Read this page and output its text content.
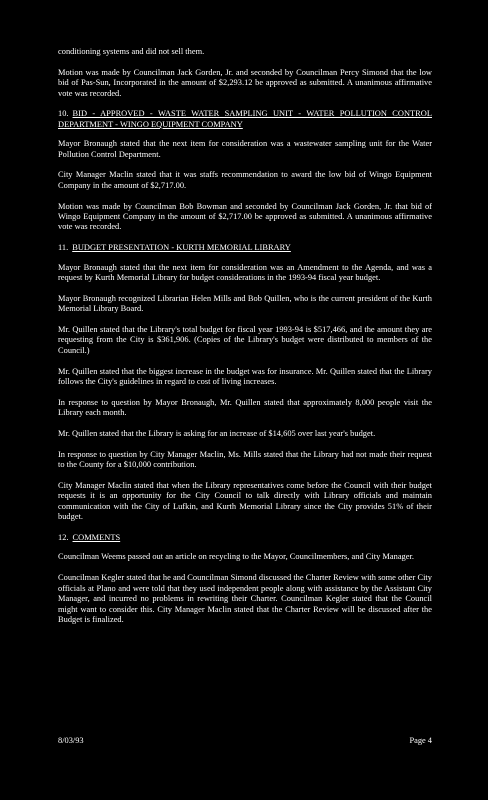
conditioning systems and did not sell them.

Motion was made by Councilman Jack Gorden, Jr. and seconded by Councilman Percy Simond that the low bid of Pas-Sun, Incorporated in the amount of $2,293.12 be approved as submitted. A unanimous affirmative vote was recorded.

10. BID - APPROVED - WASTE WATER SAMPLING UNIT - WATER POLLUTION CONTROL DEPARTMENT - WINGO EQUIPMENT COMPANY

Mayor Bronaugh stated that the next item for consideration was a wastewater sampling unit for the Water Pollution Control Department.

City Manager Maclin stated that it was staffs recommendation to award the low bid of Wingo Equipment Company in the amount of $2,717.00.

Motion was made by Councilman Bob Bowman and seconded by Councilman Jack Gorden, Jr. that bid of Wingo Equipment Company in the amount of $2,717.00 be approved as submitted. A unanimous affirmative vote was recorded.

11. BUDGET PRESENTATION - KURTH MEMORIAL LIBRARY

Mayor Bronaugh stated that the next item for consideration was an Amendment to the Agenda, and was a request by Kurth Memorial Library for budget considerations in the 1993-94 fiscal year budget.

Mayor Bronaugh recognized Librarian Helen Mills and Bob Quillen, who is the current president of the Kurth Memorial Library Board.

Mr. Quillen stated that the Library's total budget for fiscal year 1993-94 is $517,466, and the amount they are requesting from the City is $361,906. (Copies of the Library's budget were distributed to members of the Council.)

Mr. Quillen stated that the biggest increase in the budget was for insurance. Mr. Quillen stated that the Library follows the City's guidelines in regard to cost of living increases.

In response to question by Mayor Bronaugh, Mr. Quillen stated that approximately 8,000 people visit the Library each month.

Mr. Quillen stated that the Library is asking for an increase of $14,605 over last year's budget.

In response to question by City Manager Maclin, Ms. Mills stated that the Library had not made their request to the County for a $10,000 contribution.

City Manager Maclin stated that when the Library representatives come before the Council with their budget requests it is an opportunity for the City Council to talk directly with Library officials and maintain communication with the City of Lufkin, and Kurth Memorial Library since the City provides 51% of their budget.

12. COMMENTS

Councilman Weems passed out an article on recycling to the Mayor, Councilmembers, and City Manager.

Councilman Kegler stated that he and Councilman Simond discussed the Charter Review with some other City officials at Plano and were told that they used independent people along with assistance by the Assistant City Manager, and incurred no problems in rewriting their Charter. Councilman Kegler stated that the Council might want to consider this. City Manager Maclin stated that the Charter Review will be discussed after the Budget is finalized.

8/03/93	Page 4
